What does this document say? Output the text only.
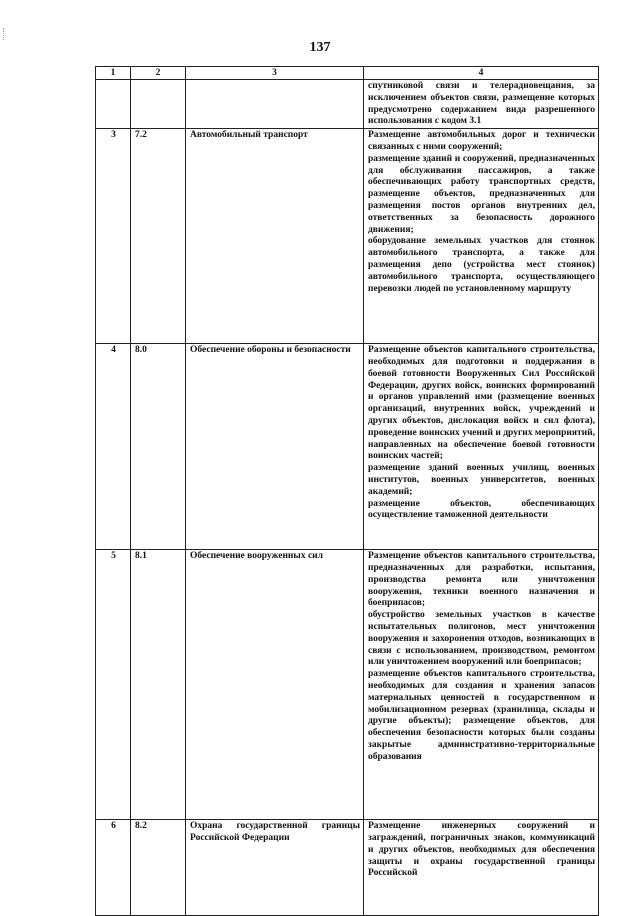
137
1	2	3	4

			спутниковой связи и телерадиовещания, за исключением объектов связи, размещение которых предусмотрено содержанием вида разрешенного использования с кодом 3.1

3	7.2	Автомобильный транспорт	Размещение автомобильных дорог и технически связанных с ними сооружений;
размещение зданий и сооружений, предназначенных для обслуживания пассажиров, а также обеспечивающих работу транспортных средств, размещение объектов, предназначенных для размещения постов органов внутренних дел, ответственных за безопасность дорожного движения;
оборудование земельных участков для стоянок автомобильного транспорта, а также для размещения депо (устройства мест стоянок) автомобильного транспорта, осуществляющего перевозки людей по установленному маршруту

4	8.0	Обеспечение обороны и безопасности	Размещение объектов капитального строительства, необходимых для подготовки и поддержания в боевой готовности Вооруженных Сил Российской Федерации, других войск, воинских формирований и органов управлений ими (размещение военных организаций, внутренних войск, учреждений и других объектов, дислокация войск и сил флота), проведение воинских учений и других мероприятий, направленных на обеспечение боевой готовности воинских частей;
размещение зданий военных училищ, военных институтов, военных университетов, военных академий;
размещение объектов, обеспечивающих осуществление таможенной деятельности

5	8.1	Обеспечение вооруженных сил	Размещение объектов капитального строительства, предназначенных для разработки, испытания, производства ремонта или уничтожения вооружения, техники военного назначения и боеприпасов;
обустройство земельных участков в качестве испытательных полигонов, мест уничтожения вооружения и захоронения отходов, возникающих в связи с использованием, производством, ремонтом или уничтожением вооружений или боеприпасов;
размещение объектов капитального строительства, необходимых для создания и хранения запасов материальных ценностей в государственном и мобилизационном резервах (хранилища, склады и другие объекты); размещение объектов, для обеспечения безопасности которых были созданы закрытые административно-территориальные образования

6	8.2	Охрана государственной границы Российской Федерации	Размещение инженерных сооружений и заграждений, пограничных знаков, коммуникаций и других объектов, необходимых для обеспечения защиты и охраны государственной границы Российской
